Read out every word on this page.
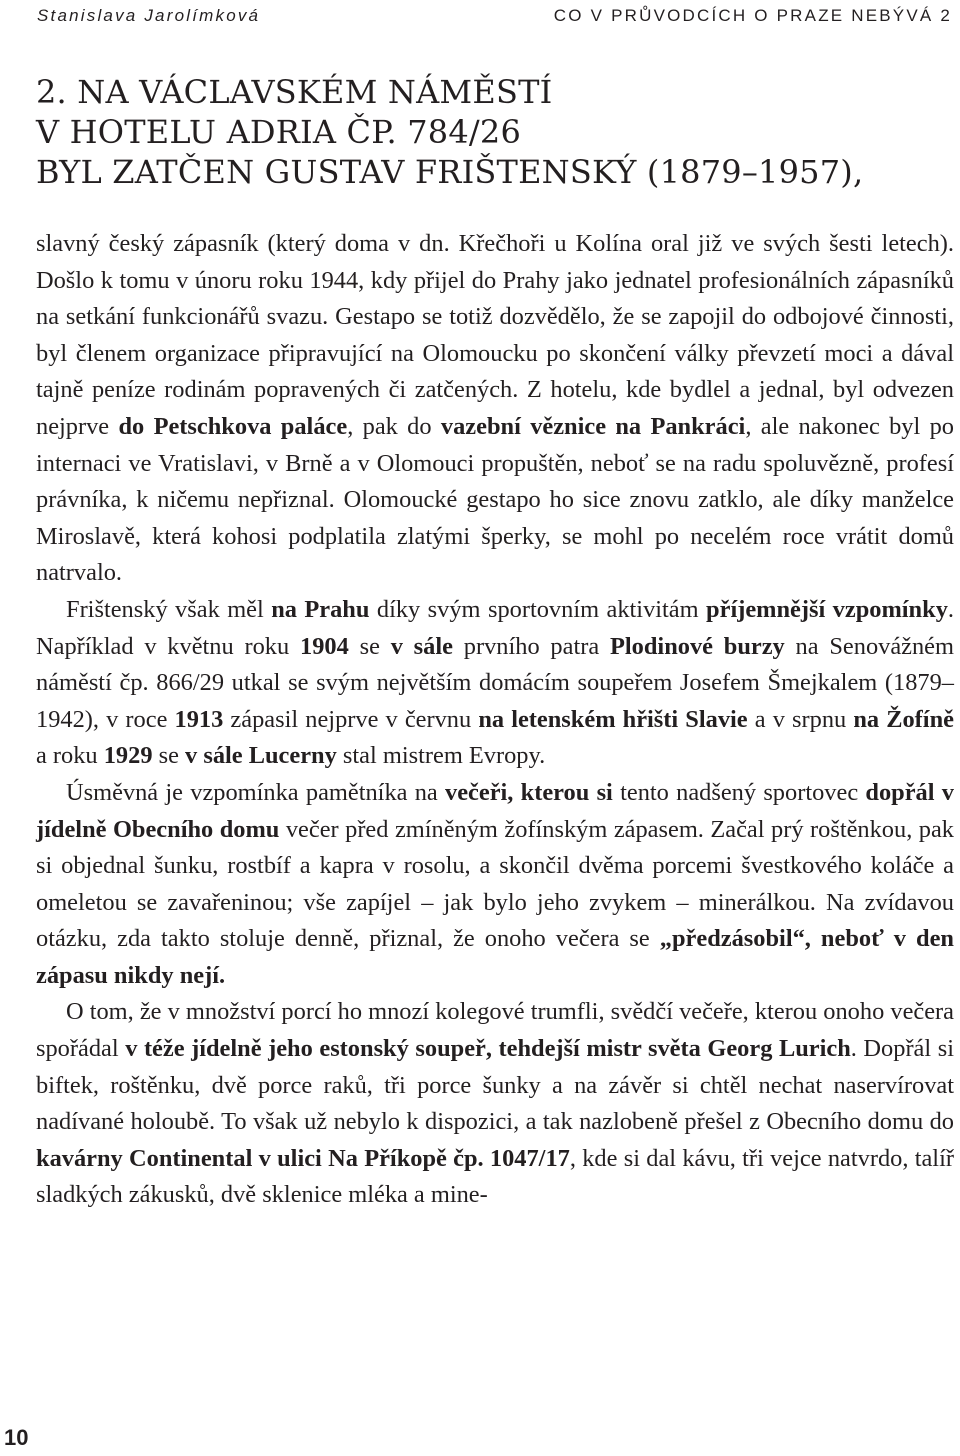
Stanislava Jarolímková	CO V PRŮVODCÍCH O PRAZE NEBÝVÁ 2
2. NA VÁCLAVSKÉM NÁMĚSTÍ
V HOTELU ADRIA ČP. 784/26
BYL ZATČEN GUSTAV FRIŠTENSKÝ (1879–1957),

slavný český zápasník (který doma v dn. Křečhoři u Kolína oral již ve svých šesti letech). Došlo k tomu v únoru roku 1944, kdy přijel do Prahy jako jednatel profesionálních zápasníků na setkání funkcionářů svazu. Gestapo se totiž dozvědělo, že se zapojil do odbojové činnosti, byl členem organizace připravující na Olomoucku po skončení války převzetí moci a dával tajně peníze rodinám popravených či zatčených. Z hotelu, kde bydlel a jednal, byl odvezen nejprve do Petschkova paláce, pak do vazební věznice na Pankráci, ale nakonec byl po internaci ve Vratislavi, v Brně a v Olomouci propuštěn, neboť se na radu spoluvězně, profesí právníka, k ničemu nepřiznal. Olomoucké gestapo ho sice znovu zatklo, ale díky manželce Miroslavě, která kohosi podplatila zlatými šperky, se mohl po necelém roce vrátit domů natrvalo.

Frištenský však měl na Prahu díky svým sportovním aktivitám příjemnější vzpomínky. Například v květnu roku 1904 se v sále prvního patra Plodinové burzy na Senovážném náměstí čp. 866/29 utkal se svým největším domácím soupeřem Josefem Šmejkalem (1879–1942), v roce 1913 zápasil nejprve v červnu na letenském hřišti Slavie a v srpnu na Žofíně a roku 1929 se v sále Lucerny stal mistrem Evropy.

Úsměvná je vzpomínka pamětníka na večeři, kterou si tento nadšený sportovec dopřál v jídelně Obecního domu večer před zmíněným žofínským zápasem. Začal prý roštěnkou, pak si objednal šunku, rostbíf a kapra v rosolu, a skončil dvěma porcemi švestkového koláče a omeletou se zavařeninou; vše zapíjel – jak bylo jeho zvykem – minerálkou. Na zvídavou otázku, zda takto stoluje denně, přiznal, že onoho večera se „předzásobil“, neboť v den zápasu nikdy nejí.

O tom, že v množství porcí ho mnozí kolegové trumfli, svědčí večeře, kterou onoho večera spořádal v téže jídelně jeho estonský soupeř, tehdejší mistr světa Georg Lurich. Dopřál si biftek, roštěnku, dvě porce raků, tři porce šunky a na závěr si chtěl nechat naservírovat nadívané holoubě. To však už nebylo k dispozici, a tak nazlobeně přešel z Obecního domu do kavárny Continental v ulici Na Příkopě čp. 1047/17, kde si dal kávu, tři vejce natvrdo, talíř sladkých zákusků, dvě sklenice mléka a mine-

10
